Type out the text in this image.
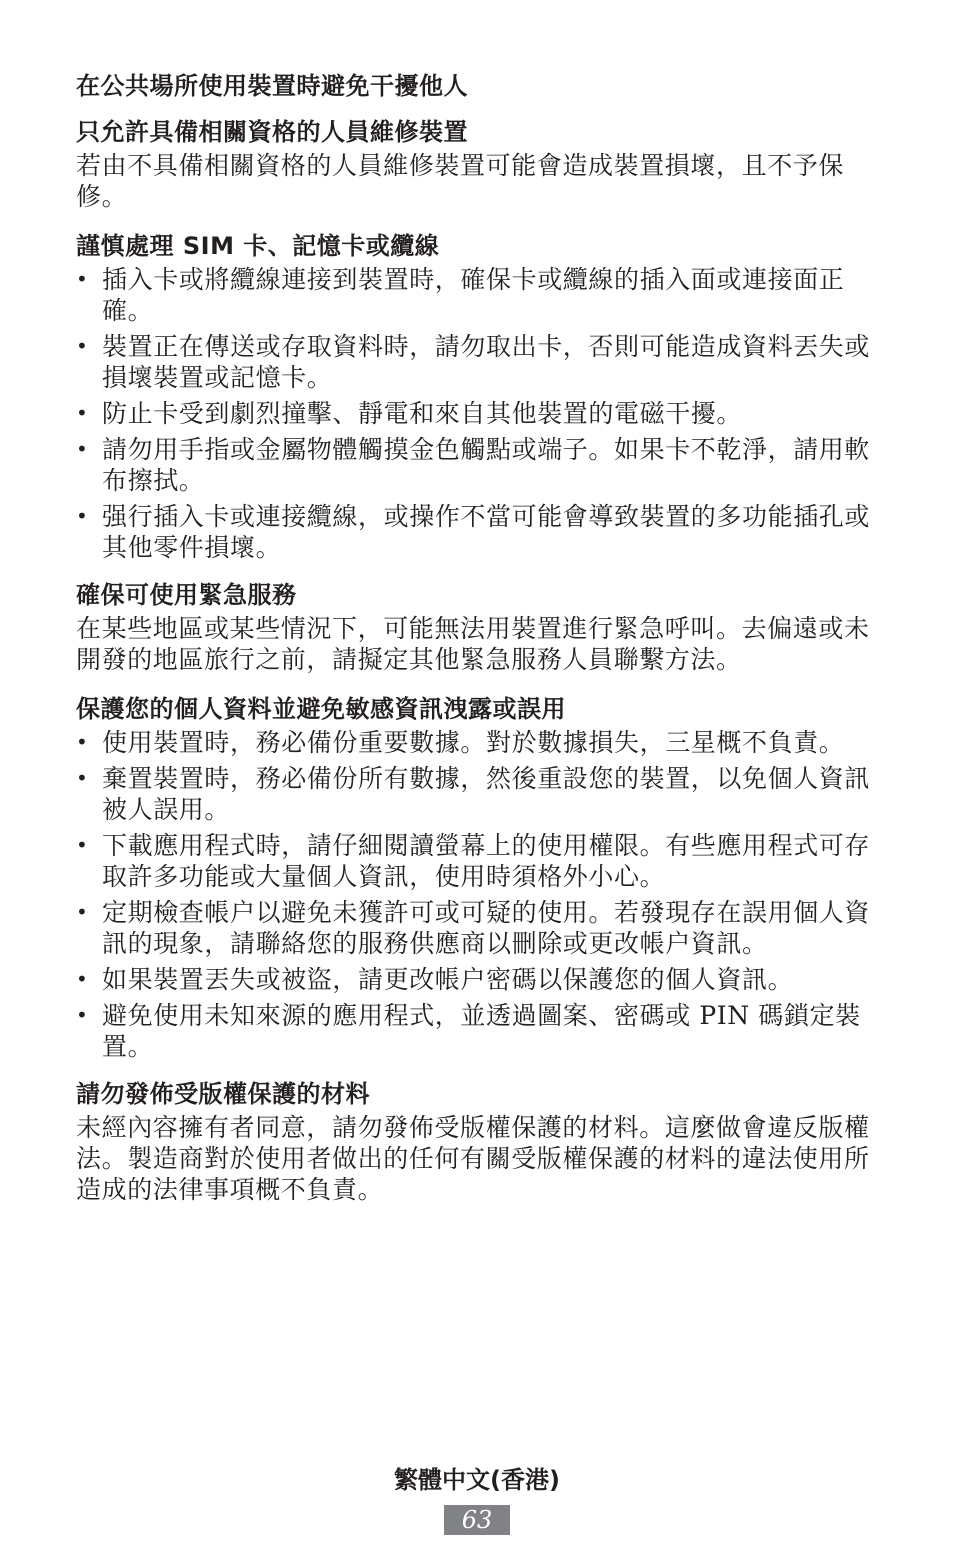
在公共場所使用裝置時避免干擾他人
只允許具備相關資格的人員維修裝置

若由不具備相關資格的人員維修裝置可能會造成裝置損壞，且不予保修。

謹慎處理 SIM 卡、記憶卡或纜線
• 插入卡或將纜線連接到裝置時，確保卡或纜線的插入面或連接面正確。
• 裝置正在傳送或存取資料時，請勿取出卡，否則可能造成資料丟失或損壞裝置或記憶卡。
• 防止卡受到劇烈撞擊、靜電和來自其他裝置的電磁干擾。
• 請勿用手指或金屬物體觸摸金色觸點或端子。如果卡不乾淨，請用軟布擦拭。
• 强行插入卡或連接纜線，或操作不當可能會導致裝置的多功能插孔或其他零件損壞。
確保可使用緊急服務

在某些地區或某些情況下，可能無法用裝置進行緊急呼叫。去偏遠或未開發的地區旅行之前，請擬定其他緊急服務人員聯繫方法。

保護您的個人資料並避免敏感資訊洩露或誤用
• 使用裝置時，務必備份重要數據。對於數據損失，三星概不負責。
• 棄置裝置時，務必備份所有數據，然後重設您的裝置，以免個人資訊被人誤用。
• 下載應用程式時，請仔細閱讀螢幕上的使用權限。有些應用程式可存取許多功能或大量個人資訊，使用時須格外小心。
• 定期檢查帳户以避免未獲許可或可疑的使用。若發現存在誤用個人資訊的現象，請聯絡您的服務供應商以刪除或更改帳户資訊。
• 如果裝置丟失或被盜，請更改帳户密碼以保護您的個人資訊。
• 避免使用未知來源的應用程式，並透過圖案、密碼或 PIN 碼鎖定裝置。
請勿發佈受版權保護的材料

未經內容擁有者同意，請勿發佈受版權保護的材料。這麼做會違反版權法。製造商對於使用者做出的任何有關受版權保護的材料的違法使用所造成的法律事項概不負責。

繁體中文(香港)
63
